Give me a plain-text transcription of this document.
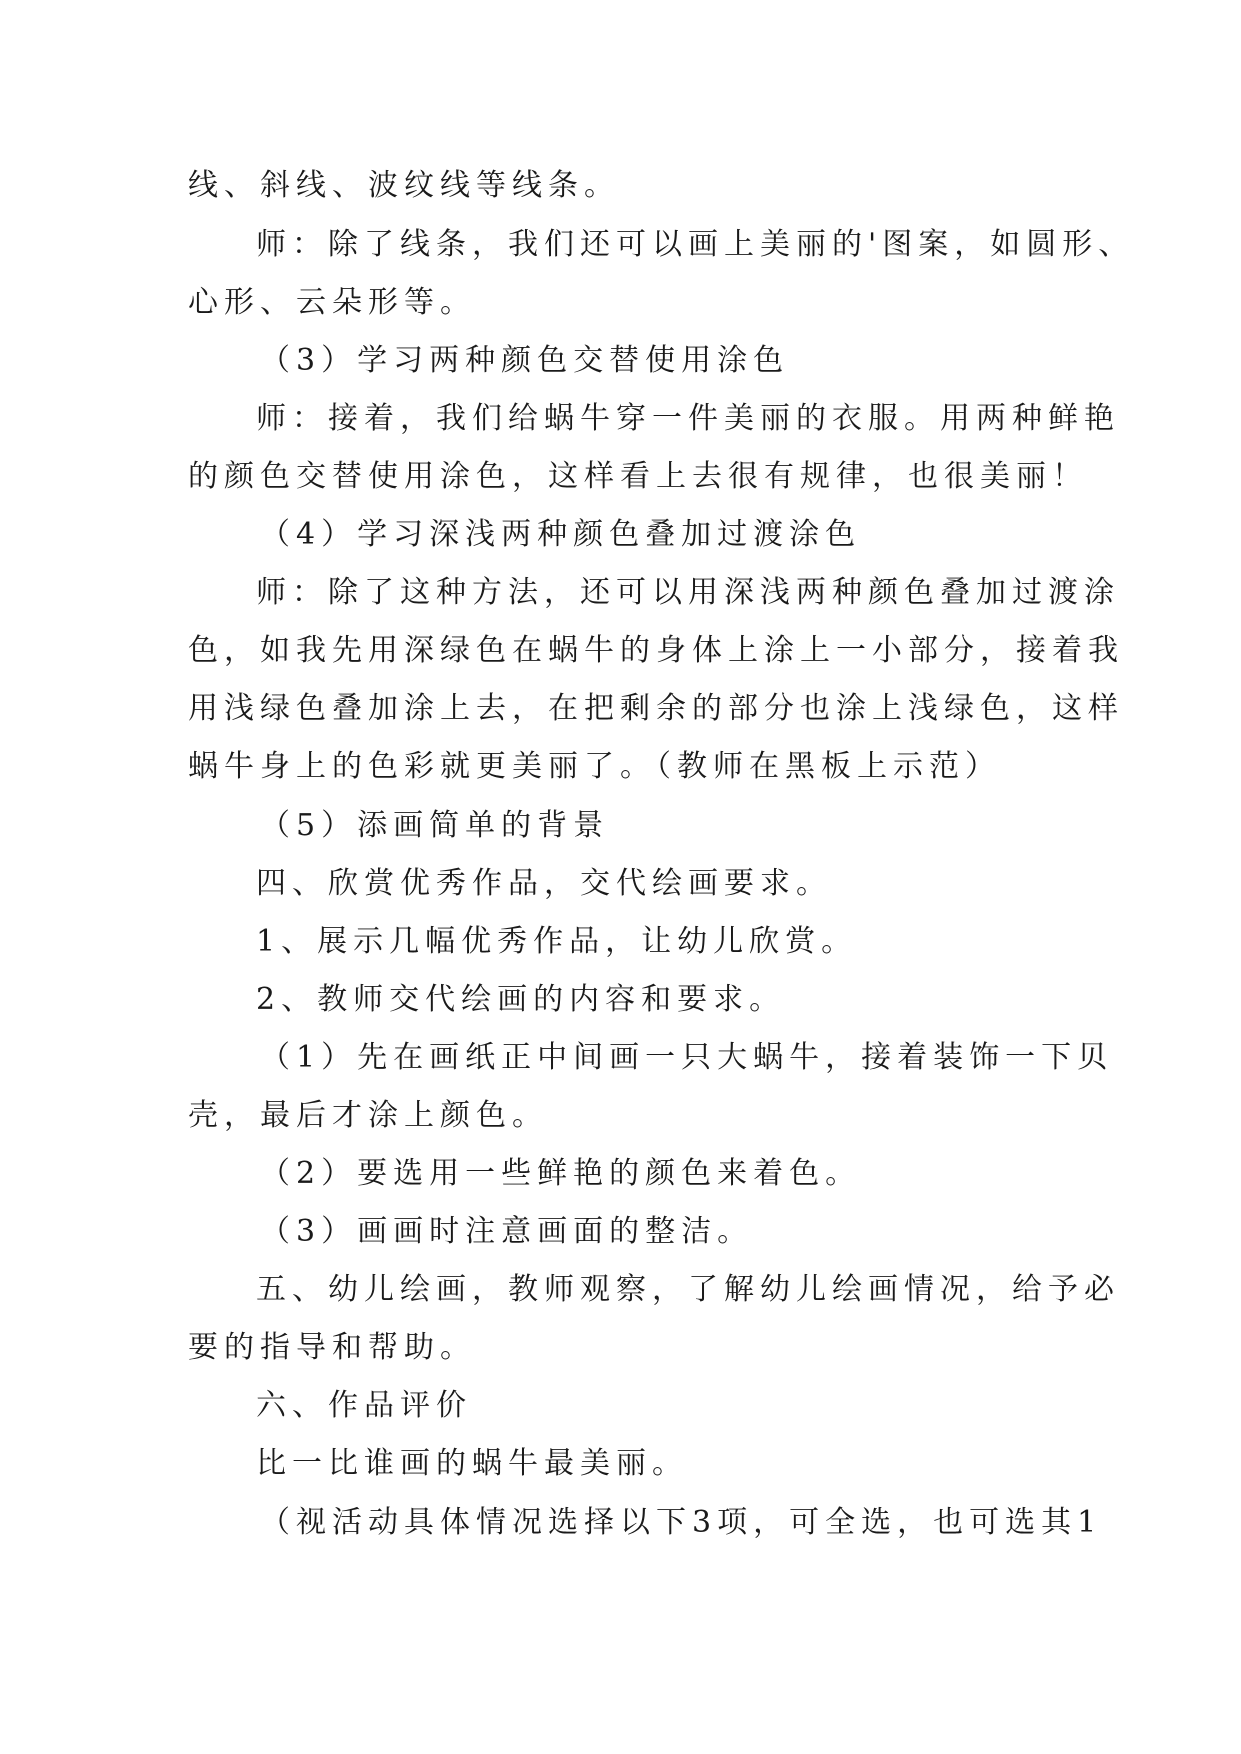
线、斜线、波纹线等线条。
师：除了线条，我们还可以画上美丽的'图案，如圆形、
心形、云朵形等。
（3）学习两种颜色交替使用涂色
师：接着，我们给蜗牛穿一件美丽的衣服。用两种鲜艳
的颜色交替使用涂色，这样看上去很有规律，也很美丽！
（4）学习深浅两种颜色叠加过渡涂色
师：除了这种方法，还可以用深浅两种颜色叠加过渡涂
色，如我先用深绿色在蜗牛的身体上涂上一小部分，接着我
用浅绿色叠加涂上去，在把剩余的部分也涂上浅绿色，这样
蜗牛身上的色彩就更美丽了。（教师在黑板上示范）
（5）添画简单的背景
四、欣赏优秀作品，交代绘画要求。
1、展示几幅优秀作品，让幼儿欣赏。
2、教师交代绘画的内容和要求。
（1）先在画纸正中间画一只大蜗牛，接着装饰一下贝
壳，最后才涂上颜色。
（2）要选用一些鲜艳的颜色来着色。
（3）画画时注意画面的整洁。
五、幼儿绘画，教师观察，了解幼儿绘画情况，给予必
要的指导和帮助。
六、作品评价
比一比谁画的蜗牛最美丽。
（视活动具体情况选择以下3项，可全选，也可选其1
